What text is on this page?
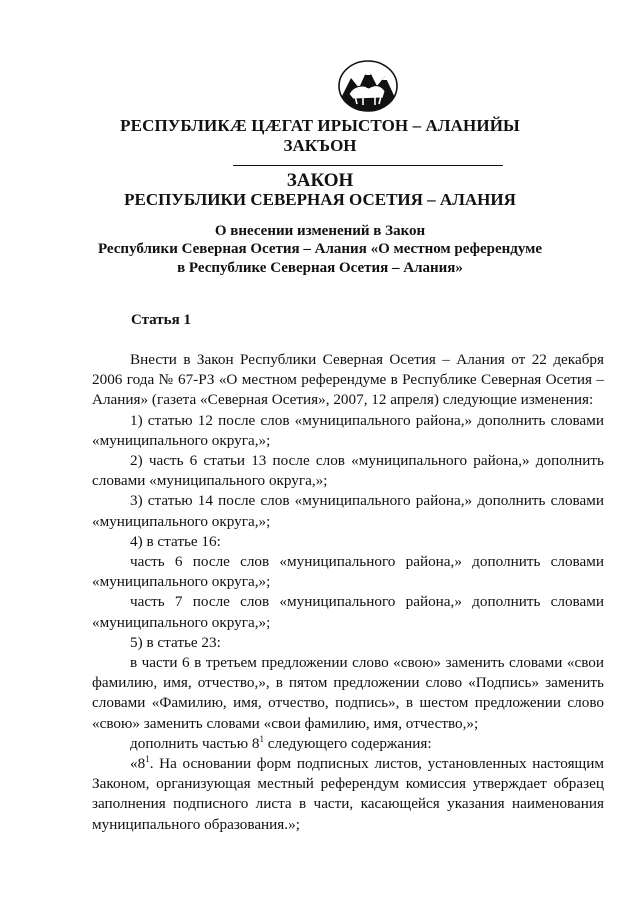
РЕСПУБЛИКÆ ЦÆГАТ ИРЫСТОН – АЛАНИЙЫ
ЗАКЪОН
ЗАКОН
РЕСПУБЛИКИ СЕВЕРНАЯ ОСЕТИЯ – АЛАНИЯ
О внесении изменений в Закон
Республики Северная Осетия – Алания «О местном референдуме
в Республике Северная Осетия – Алания»
Статья 1

Внести в Закон Республики Северная Осетия – Алания от 22 декабря 2006 года № 67-РЗ «О местном референдуме в Республике Северная Осетия – Алания» (газета «Северная Осетия», 2007, 12 апреля) следующие изменения:

1) статью 12 после слов «муниципального района,» дополнить словами «муниципального округа,»;

2) часть 6 статьи 13 после слов «муниципального района,» дополнить словами «муниципального округа,»;

3) статью 14 после слов «муниципального района,» дополнить словами «муниципального округа,»;

4) в статье 16:

часть 6 после слов «муниципального района,» дополнить словами «муниципального округа,»;

часть 7 после слов «муниципального района,» дополнить словами «муниципального округа,»;

5) в статье 23:

в части 6 в третьем предложении слово «свою» заменить словами «свои фамилию, имя, отчество,», в пятом предложении слово «Подпись» заменить словами «Фамилию, имя, отчество, подпись», в шестом предложении слово «свою» заменить словами «свои фамилию, имя, отчество,»;

дополнить частью $8^1$ следующего содержания:

«$8^1$. На основании форм подписных листов, установленных настоящим Законом, организующая местный референдум комиссия утверждает образец заполнения подписного листа в части, касающейся указания наименования муниципального образования.»;
